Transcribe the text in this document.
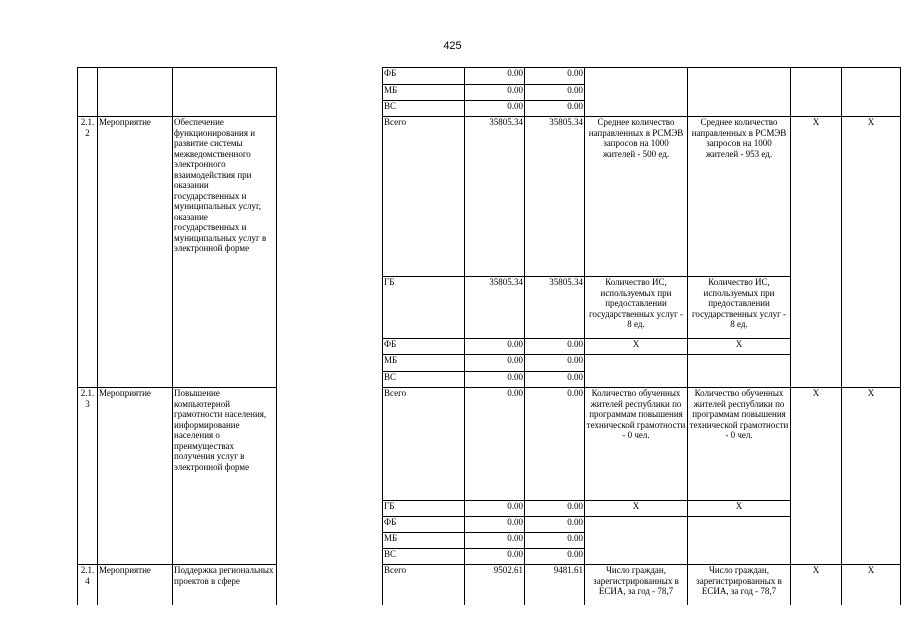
425
				ФБ	0.00	0.00				
				МБ	0.00	0.00				
				ВС	0.00	0.00				
2.1.
2	Мероприятие	Обеспечение функционирования и развитие системы межведомственного электронного взаимодействия при оказании государственных и муниципальных услуг, оказание государственных и муниципальных услуг в электронной форме		Всего	35805.34	35805.34	Среднее количество направленных в РСМЭВ запросов на 1000 жителей - 500 ед.	Среднее количество направленных в РСМЭВ запросов на 1000 жителей - 953 ед.	X	X
				ГБ	35805.34	35805.34	Количество ИС, используемых при предоставлении государственных услуг - 8 ед.	Количество ИС, используемых при предоставлении государственных услуг - 8 ед.		
				ФБ	0.00	0.00	X	X		
				МБ	0.00	0.00				
				ВС	0.00	0.00				
2.1.
3	Мероприятие	Повышение компьютерной грамотности населения, информирование населения о преимуществах получения услуг в электронной форме		Всего	0.00	0.00	Количество обученных жителей республики по программам повышения технической грамотности - 0 чел.	Количество обученных жителей республики по программам повышения технической грамотности - 0 чел.	X	X
				ГБ	0.00	0.00	X	X		
				ФБ	0.00	0.00				
				МБ	0.00	0.00				
				ВС	0.00	0.00				
2.1.
4	Мероприятие	Поддержка региональных проектов в сфере		Всего	9502.61	9481.61	Число граждан, зарегистрированных в ЕСИА, за год - 78,7	Число граждан, зарегистрированных в ЕСИА, за год - 78,7	X	X
